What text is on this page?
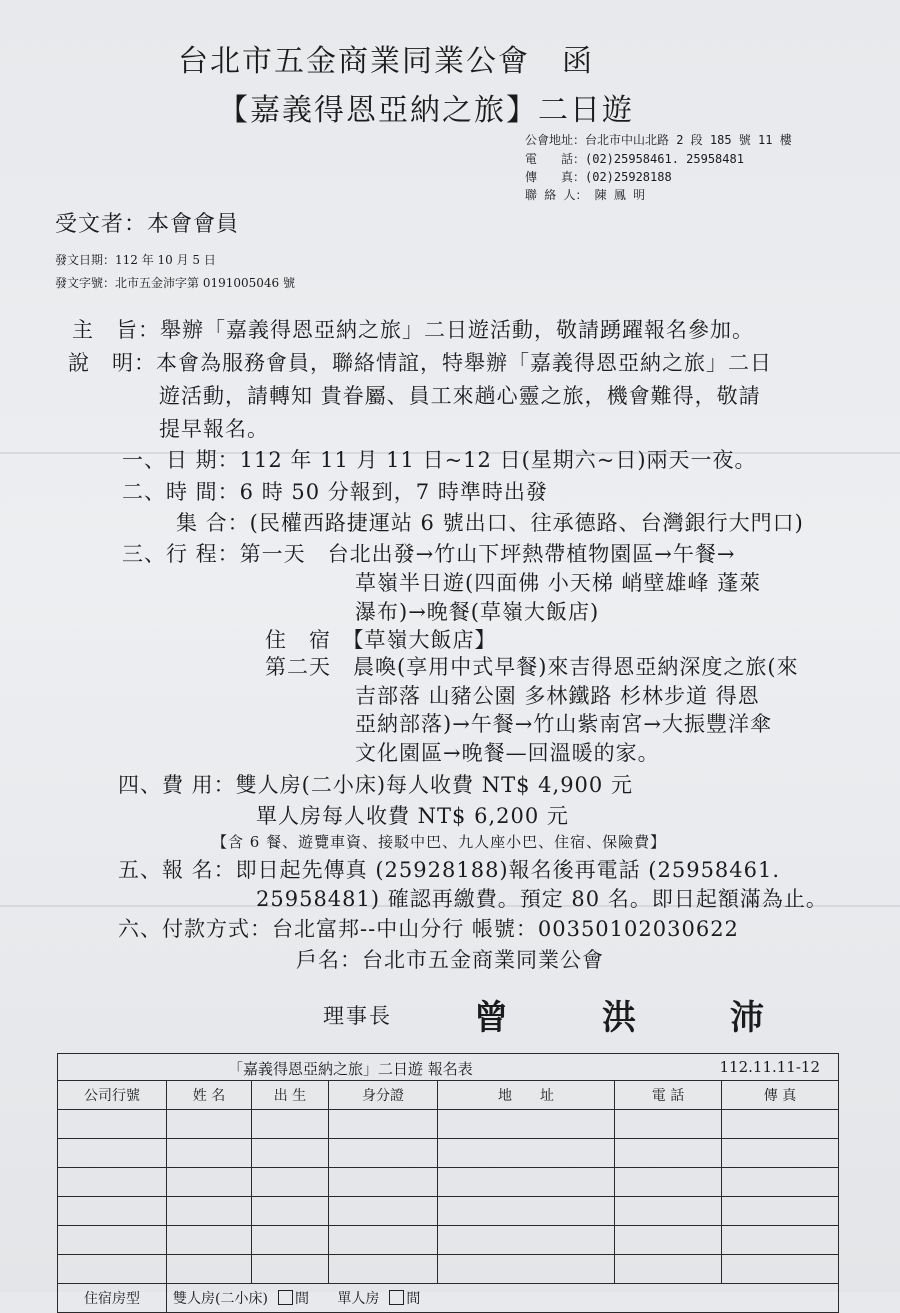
台北市五金商業同業公會　函
【嘉義得恩亞納之旅】二日遊
公會地址：台北市中山北路 2 段 185 號 11 樓
電　　話：(02)25958461. 25958481
傳　　真：(02)25928188
聯 絡 人： 陳 鳳 明
受文者：本會會員
發文日期：112 年 10 月 5 日
發文字號：北市五金沛字第 0191005046 號
主　旨：舉辦「嘉義得恩亞納之旅」二日遊活動，敬請踴躍報名參加。
說　明：本會為服務會員，聯絡情誼，特舉辦「嘉義得恩亞納之旅」二日
遊活動，請轉知 貴眷屬、員工來趟心靈之旅，機會難得，敬請
提早報名。
一、日 期：112 年 11 月 11 日~12 日(星期六~日)兩天一夜。
二、時 間：6 時 50 分報到，7 時準時出發
集 合：(民權西路捷運站 6 號出口、往承德路、台灣銀行大門口)
三、行 程：第一天　台北出發→竹山下坪熱帶植物園區→午餐→
草嶺半日遊(四面佛 小天梯 峭壁雄峰 蓬萊
瀑布)→晚餐(草嶺大飯店)
住　宿　【草嶺大飯店】
第二天　晨喚(享用中式早餐)來吉得恩亞納深度之旅(來
吉部落 山豬公園 多林鐵路 杉林步道 得恩
亞納部落)→午餐→竹山紫南宮→大振豐洋傘
文化園區→晚餐—回溫暖的家。
四、費 用：雙人房(二小床)每人收費 NT$ 4,900 元
單人房每人收費 NT$ 6,200 元
【含 6 餐、遊覽車資、接駁中巴、九人座小巴、住宿、保險費】
五、報 名：即日起先傳真 (25928188)報名後再電話 (25958461.
25958481) 確認再繳費。預定 80 名。即日起額滿為止。
六、付款方式：台北富邦--中山分行 帳號：00350102030622
戶名：台北市五金商業同業公會
理事長 曾　洪　沛
「嘉義得恩亞納之旅」二日遊 報名表 112.11.11-12						

公司行號	姓 名	出 生	身分證	地　　址	電 話	傳 真

住宿房型	雙人房(二小床) 間 單人房 間					
